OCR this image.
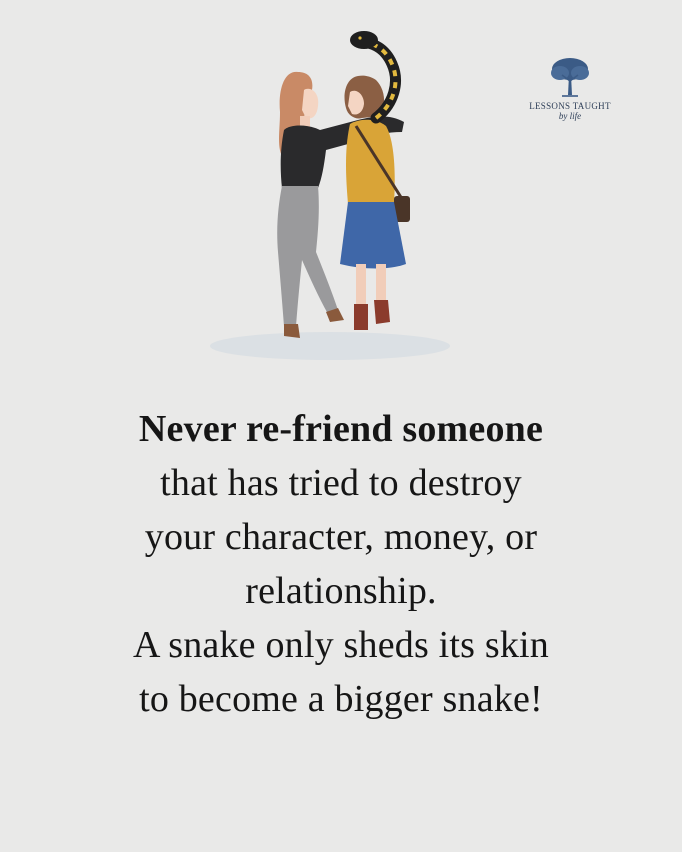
LESSONS TAUGHT
by life
Never re-friend someone
that has tried to destroy
your character, money, or
relationship.
A snake only sheds its skin
to become a bigger snake!
